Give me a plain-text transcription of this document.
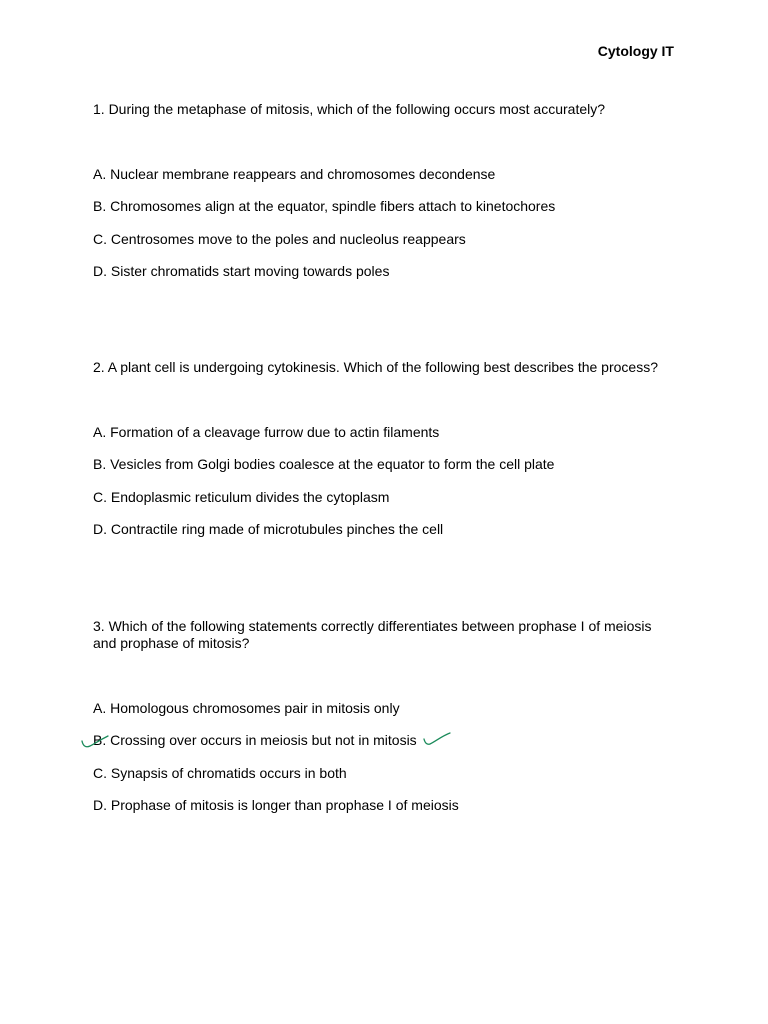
Cytology IT
1. During the metaphase of mitosis, which of the following occurs most accurately?
A. Nuclear membrane reappears and chromosomes decondense
B. Chromosomes align at the equator, spindle fibers attach to kinetochores
C. Centrosomes move to the poles and nucleolus reappears
D. Sister chromatids start moving towards poles
2. A plant cell is undergoing cytokinesis. Which of the following best describes the process?
A. Formation of a cleavage furrow due to actin filaments
B. Vesicles from Golgi bodies coalesce at the equator to form the cell plate
C. Endoplasmic reticulum divides the cytoplasm
D. Contractile ring made of microtubules pinches the cell
3. Which of the following statements correctly differentiates between prophase I of meiosis and prophase of mitosis?
A. Homologous chromosomes pair in mitosis only
B. Crossing over occurs in meiosis but not in mitosis
C. Synapsis of chromatids occurs in both
D. Prophase of mitosis is longer than prophase I of meiosis
